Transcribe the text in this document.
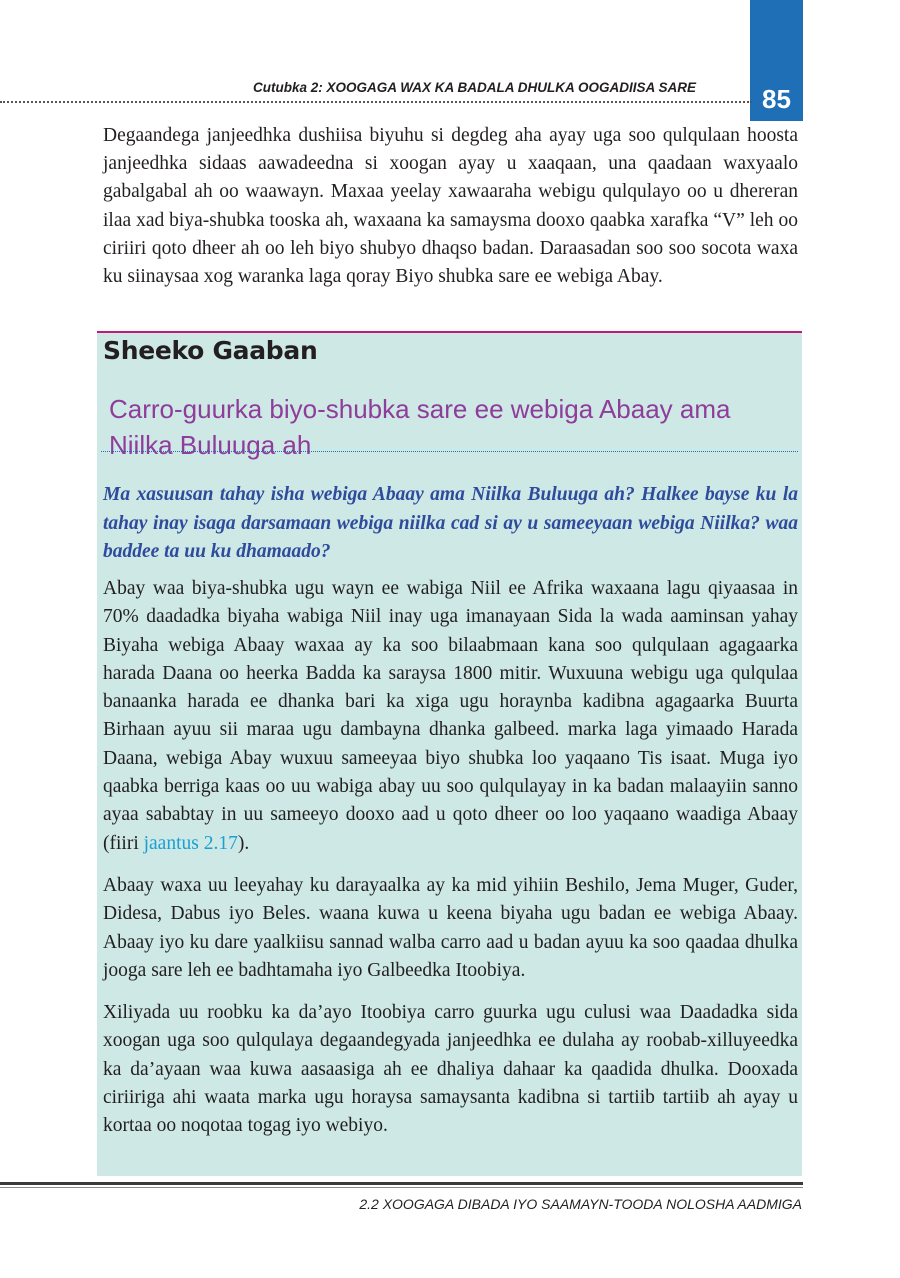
85
Cutubka 2: XOOGAGA WAX KA BADALA DHULKA OOGADIISA SARE

Degaandega janjeedhka dushiisa biyuhu si degdeg aha ayay uga soo qulqulaan hoosta janjeedhka sidaas aawadeedna si xoogan ayay u xaaqaan, una qaadaan waxyaalo gabalgabal ah oo waawayn. Maxaa yeelay xawaaraha webigu qulqulayo oo u dhereran ilaa xad biya-shubka tooska ah, waxaana ka samaysma dooxo qaabka xarafka “V” leh oo ciriiri qoto dheer ah oo leh biyo shubyo dhaqso badan. Daraasadan soo soo socota waxa ku siinaysaa xog waranka laga qoray Biyo shubka sare ee webiga Abay.

Sheeko Gaaban
Carro-guurka biyo-shubka sare ee webiga Abaay ama Niilka Buluuga ah
Ma xasuusan tahay isha webiga Abaay ama Niilka Buluuga ah? Halkee bayse ku la tahay inay isaga darsamaan webiga niilka cad si ay u sameeyaan webiga Niilka? waa baddee ta uu ku dhamaado?

Abay waa biya-shubka ugu wayn ee wabiga Niil ee Afrika waxaana lagu qiyaasaa in 70% daadadka biyaha wabiga Niil inay uga imanayaan Sida la wada aaminsan yahay Biyaha webiga Abaay waxaa ay ka soo bilaabmaan kana soo qulqulaan agagaarka harada Daana oo heerka Badda ka saraysa 1800 mitir. Wuxuuna webigu uga qulqulaa banaanka harada ee dhanka bari ka xiga ugu horaynba kadibna agagaarka Buurta Birhaan ayuu sii maraa ugu dambayna dhanka galbeed. marka laga yimaado Harada Daana, webiga Abay wuxuu sameeyaa biyo shubka loo yaqaano Tis isaat. Muga iyo qaabka berriga kaas oo uu wabiga abay uu soo qulqulayay in ka badan malaayiin sanno ayaa sababtay in uu sameeyo dooxo aad u qoto dheer oo loo yaqaano waadiga Abaay (fiiri jaantus 2.17).

Abaay waxa uu leeyahay ku darayaalka ay ka mid yihiin Beshilo, Jema Muger, Guder, Didesa, Dabus iyo Beles. waana kuwa u keena biyaha ugu badan ee webiga Abaay. Abaay iyo ku dare yaalkiisu sannad walba carro aad u badan ayuu ka soo qaadaa dhulka jooga sare leh ee badhtamaha iyo Galbeedka Itoobiya.

Xiliyada uu roobku ka da’ayo Itoobiya carro guurka ugu culusi waa Daadadka sida xoogan uga soo qulqulaya degaandegyada janjeedhka ee dulaha ay roobab-xilluyeedka ka da’ayaan waa kuwa aasaasiga ah ee dhaliya dahaar ka qaadida dhulka. Dooxada ciriiriga ahi waata marka ugu horaysa samaysanta kadibna si tartiib tartiib ah ayay u kortaa oo noqotaa togag iyo webiyo.

2.2 XOOGAGA DIBADA IYO SAAMAYN-TOODA NOLOSHA AADMIGA
